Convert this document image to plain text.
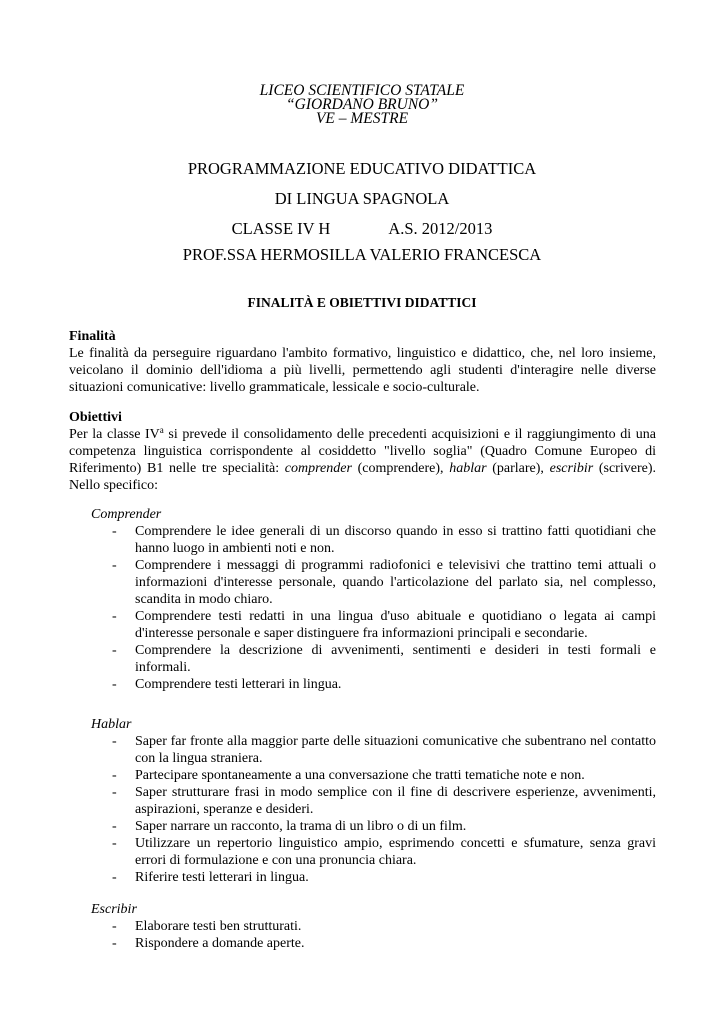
LICEO SCIENTIFICO STATALE
“GIORDANO BRUNO”
VE – MESTRE
PROGRAMMAZIONE EDUCATIVO DIDATTICA
DI LINGUA SPAGNOLA
CLASSE IV H	A.S. 2012/2013
PROF.SSA HERMOSILLA VALERIO FRANCESCA
FINALITÀ E OBIETTIVI DIDATTICI
Finalità
Le finalità da perseguire riguardano l'ambito formativo, linguistico e didattico, che, nel loro insieme, veicolano il dominio dell'idioma a più livelli, permettendo agli studenti d'interagire nelle diverse situazioni comunicative: livello grammaticale, lessicale e socio-culturale.
Obiettivi
Per la classe $IV^a$ si prevede il consolidamento delle precedenti acquisizioni e il raggiungimento di una competenza linguistica corrispondente al cosiddetto "livello soglia" (Quadro Comune Europeo di Riferimento) B1 nelle tre specialità: comprender (comprendere), hablar (parlare), escribir (scrivere). Nello specifico:
Comprender
- Comprendere le idee generali di un discorso quando in esso si trattino fatti quotidiani che hanno luogo in ambienti noti e non.
- Comprendere i messaggi di programmi radiofonici e televisivi che trattino temi attuali o informazioni d'interesse personale, quando l'articolazione del parlato sia, nel complesso, scandita in modo chiaro.
- Comprendere testi redatti in una lingua d'uso abituale e quotidiano o legata ai campi d'interesse personale e saper distinguere fra informazioni principali e secondarie.
- Comprendere la descrizione di avvenimenti, sentimenti e desideri in testi formali e informali.
- Comprendere testi letterari in lingua.
Hablar
- Saper far fronte alla maggior parte delle situazioni comunicative che subentrano nel contatto con la lingua straniera.
- Partecipare spontaneamente a una conversazione che tratti tematiche note e non.
- Saper strutturare frasi in modo semplice con il fine di descrivere esperienze, avvenimenti, aspirazioni, speranze e desideri.
- Saper narrare un racconto, la trama di un libro o di un film.
- Utilizzare un repertorio linguistico ampio, esprimendo concetti e sfumature, senza gravi errori di formulazione e con una pronuncia chiara.
- Riferire testi letterari in lingua.
Escribir
- Elaborare testi ben strutturati.
- Rispondere a domande aperte.
